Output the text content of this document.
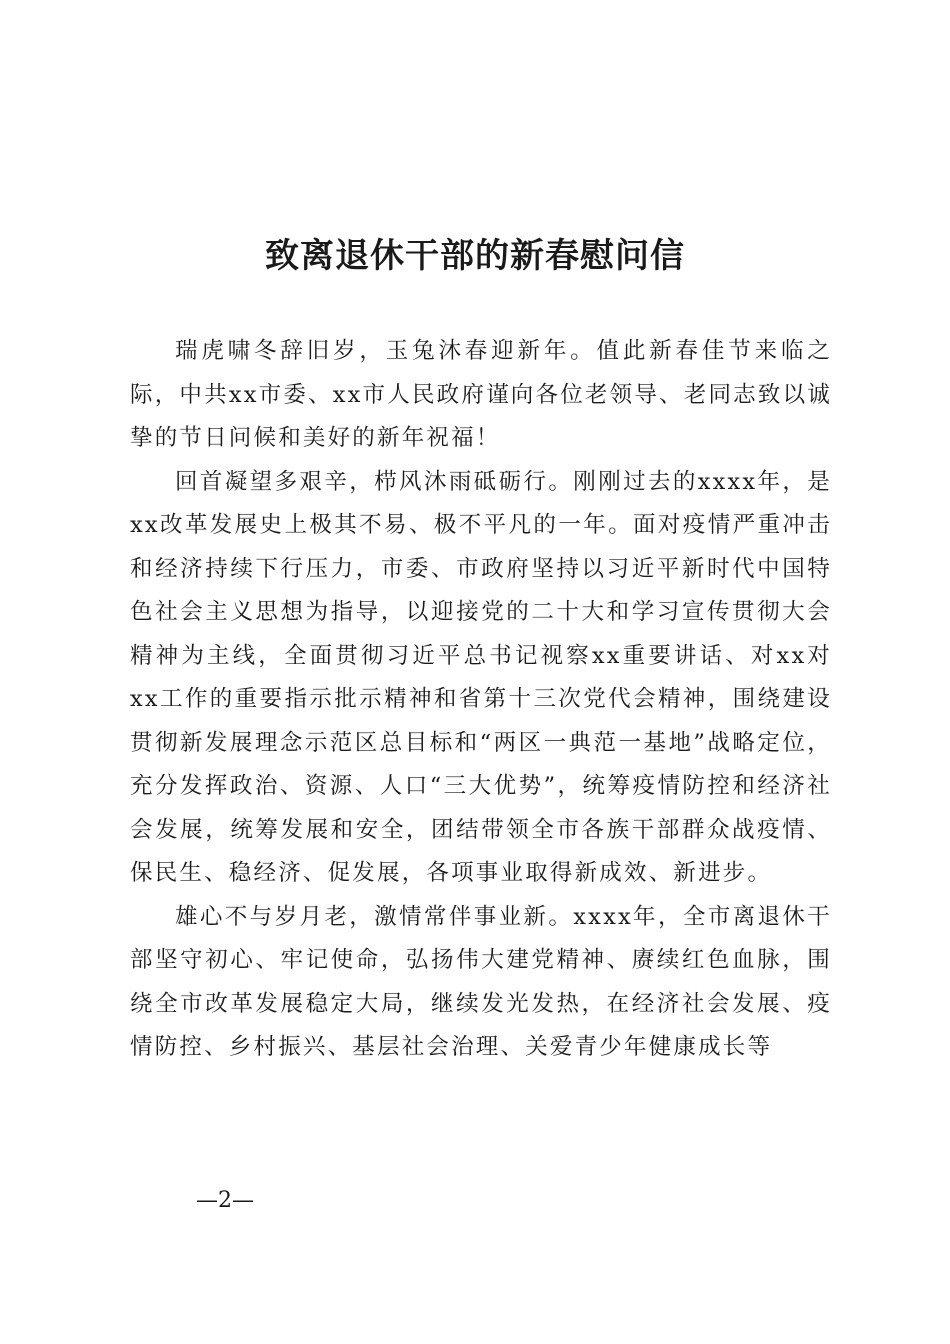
致离退休干部的新春慰问信

瑞虎啸冬辞旧岁，玉兔沐春迎新年。值此新春佳节来临之际，中共xx市委、xx市人民政府谨向各位老领导、老同志致以诚挚的节日问候和美好的新年祝福！

回首凝望多艰辛，栉风沐雨砥砺行。刚刚过去的xxxx年，是xx改革发展史上极其不易、极不平凡的一年。面对疫情严重冲击和经济持续下行压力，市委、市政府坚持以习近平新时代中国特色社会主义思想为指导，以迎接党的二十大和学习宣传贯彻大会精神为主线，全面贯彻习近平总书记视察xx重要讲话、对xx对xx工作的重要指示批示精神和省第十三次党代会精神，围绕建设贯彻新发展理念示范区总目标和“两区一典范一基地”战略定位，充分发挥政治、资源、人口“三大优势”，统筹疫情防控和经济社会发展，统筹发展和安全，团结带领全市各族干部群众战疫情、保民生、稳经济、促发展，各项事业取得新成效、新进步。

雄心不与岁月老，激情常伴事业新。xxxx年，全市离退休干部坚守初心、牢记使命，弘扬伟大建党精神、赓续红色血脉，围绕全市改革发展稳定大局，继续发光发热，在经济社会发展、疫情防控、乡村振兴、基层社会治理、关爱青少年健康成长等

—2—
